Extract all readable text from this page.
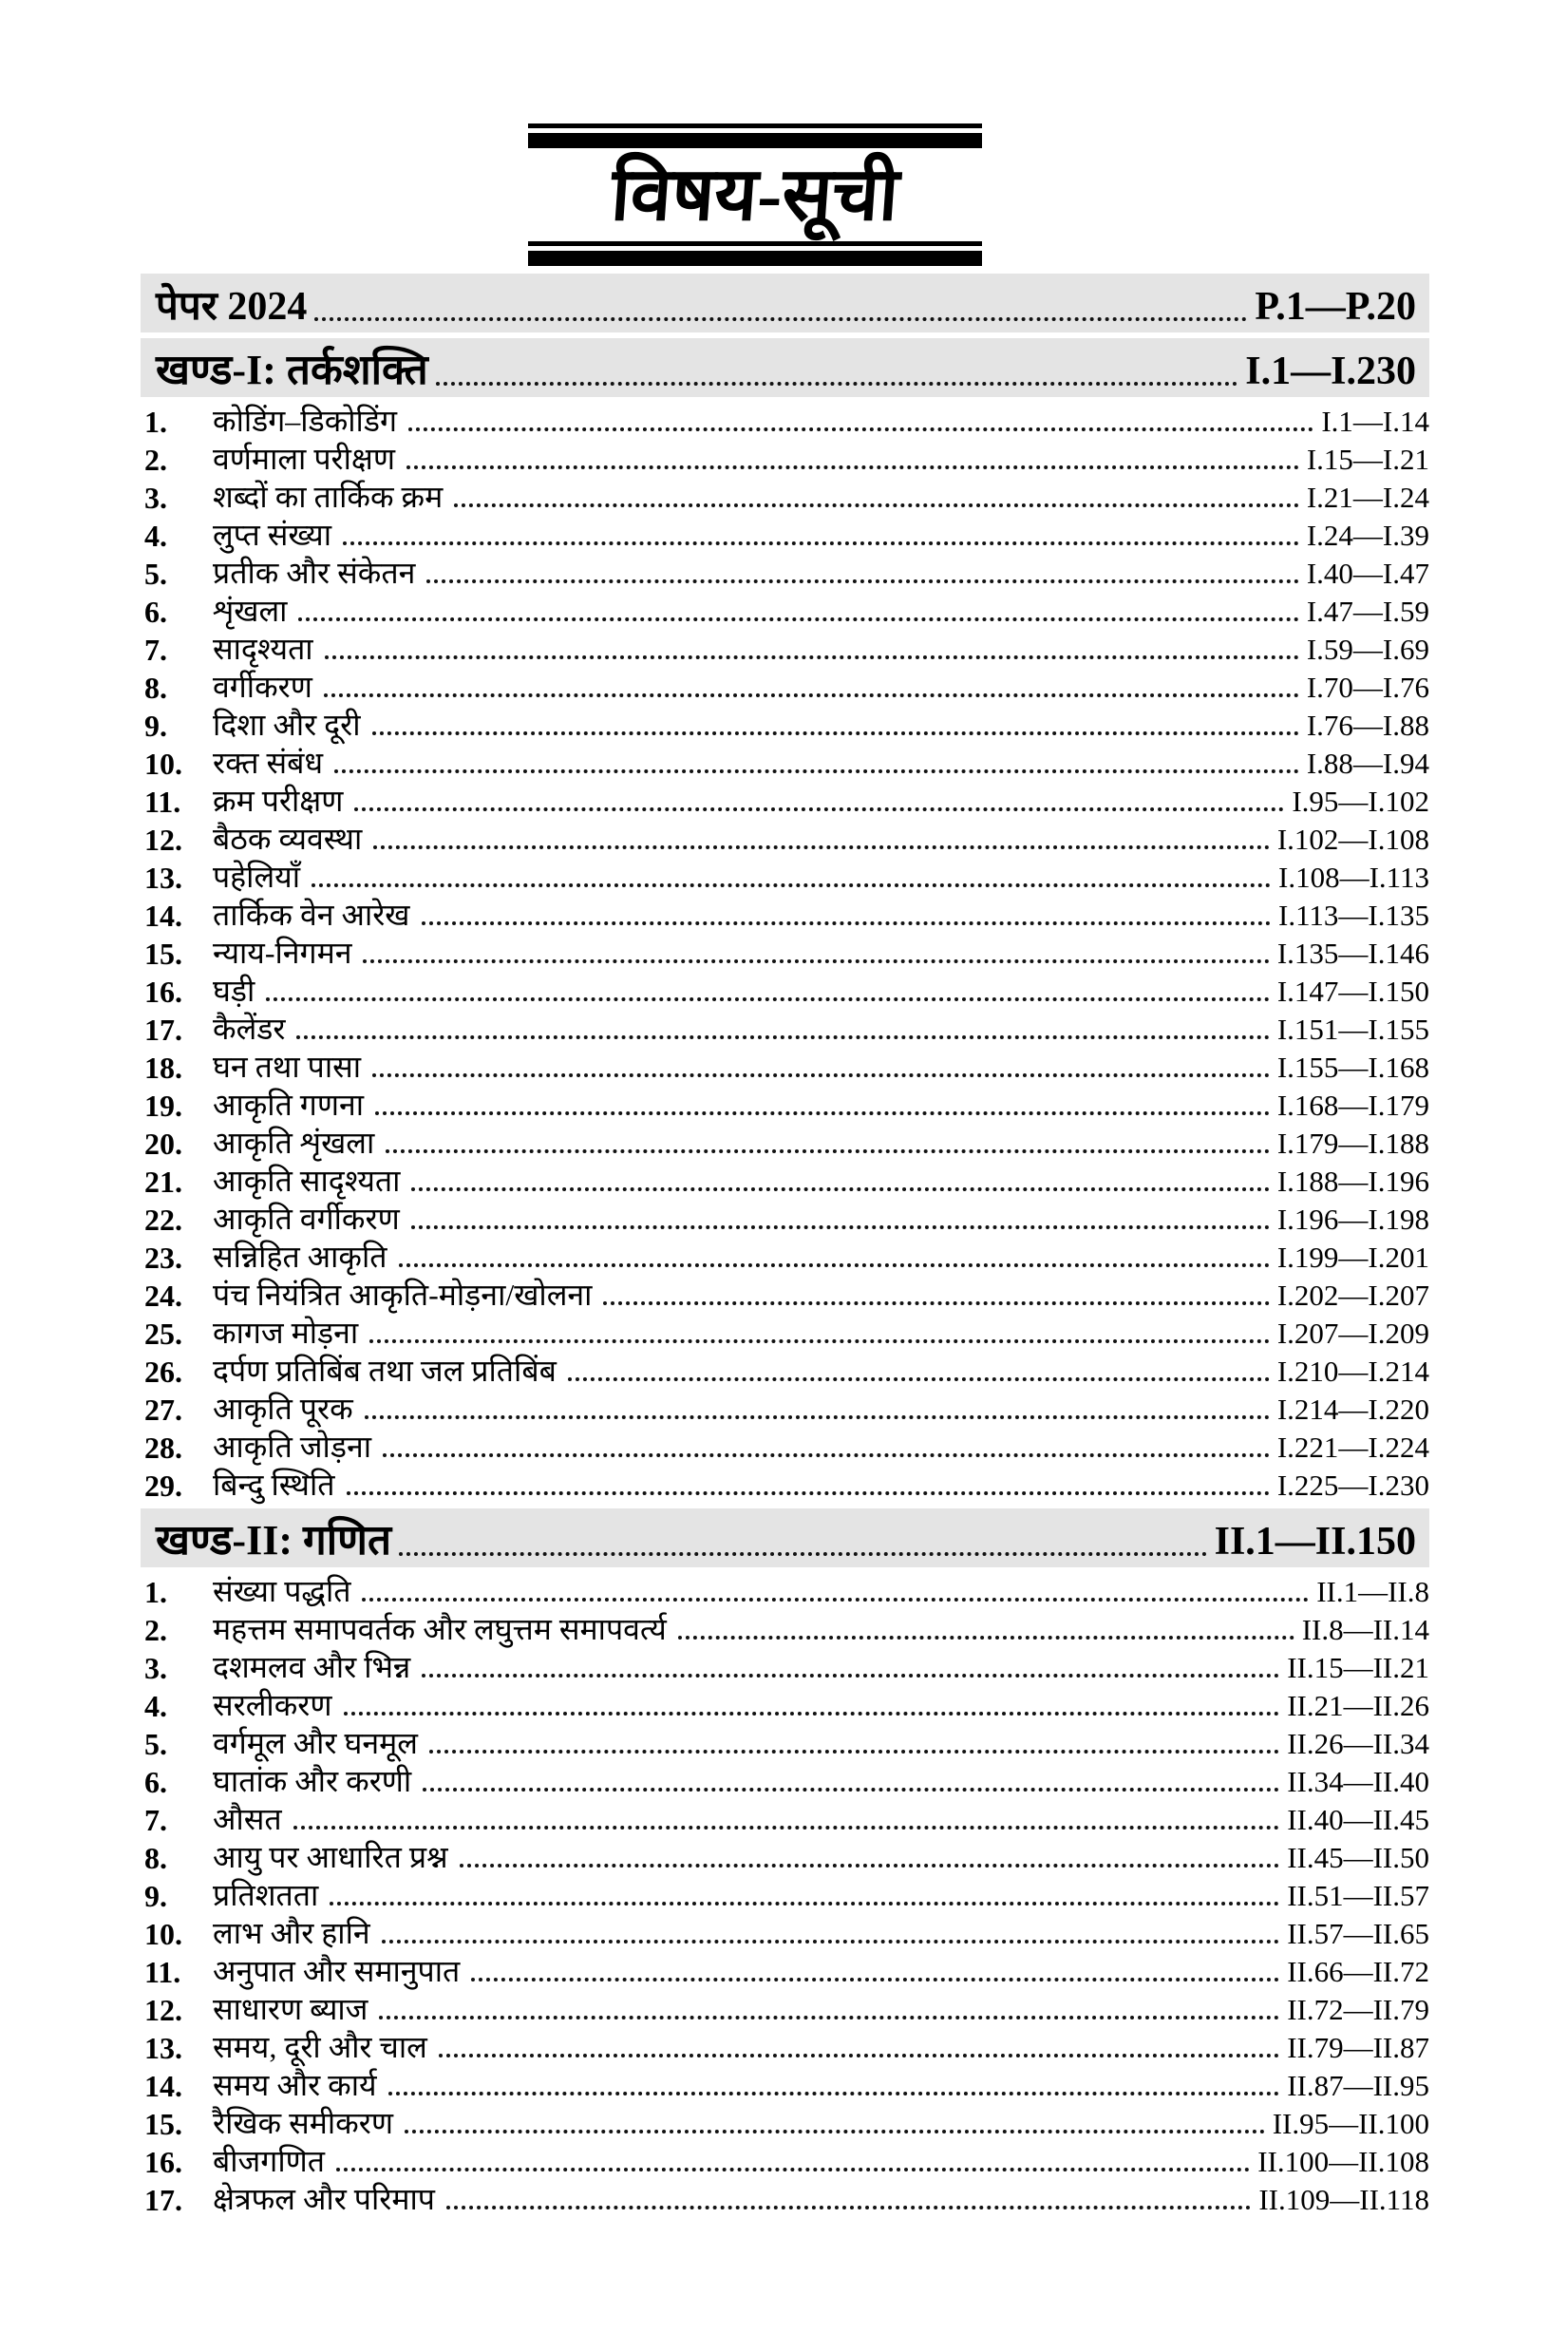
विषय-सूची
पेपर 2024	P.1—P.20
खण्ड-I: तर्कशक्ति	I.1—I.230
1.	कोडिंग–डिकोडिंग	I.1—I.14
2.	वर्णमाला परीक्षण	I.15—I.21
3.	शब्दों का तार्किक क्रम	I.21—I.24
4.	लुप्त संख्या	I.24—I.39
5.	प्रतीक और संकेतन	I.40—I.47
6.	शृंखला	I.47—I.59
7.	सादृश्यता	I.59—I.69
8.	वर्गीकरण	I.70—I.76
9.	दिशा और दूरी	I.76—I.88
10.	रक्त संबंध	I.88—I.94
11.	क्रम परीक्षण	I.95—I.102
12.	बैठक व्यवस्था	I.102—I.108
13.	पहेलियाँ	I.108—I.113
14.	तार्किक वेन आरेख	I.113—I.135
15.	न्याय-निगमन	I.135—I.146
16.	घड़ी	I.147—I.150
17.	कैलेंडर	I.151—I.155
18.	घन तथा पासा	I.155—I.168
19.	आकृति गणना	I.168—I.179
20.	आकृति शृंखला	I.179—I.188
21.	आकृति सादृश्यता	I.188—I.196
22.	आकृति वर्गीकरण	I.196—I.198
23.	सन्निहित आकृति	I.199—I.201
24.	पंच नियंत्रित आकृति-मोड़ना/खोलना	I.202—I.207
25.	कागज मोड़ना	I.207—I.209
26.	दर्पण प्रतिबिंब तथा जल प्रतिबिंब	I.210—I.214
27.	आकृति पूरक	I.214—I.220
28.	आकृति जोड़ना	I.221—I.224
29.	बिन्दु स्थिति	I.225—I.230
खण्ड-II: गणित	II.1—II.150
1.	संख्या पद्धति	II.1—II.8
2.	महत्तम समापवर्तक और लघुत्तम समापवर्त्य	II.8—II.14
3.	दशमलव और भिन्न	II.15—II.21
4.	सरलीकरण	II.21—II.26
5.	वर्गमूल और घनमूल	II.26—II.34
6.	घातांक और करणी	II.34—II.40
7.	औसत	II.40—II.45
8.	आयु पर आधारित प्रश्न	II.45—II.50
9.	प्रतिशतता	II.51—II.57
10.	लाभ और हानि	II.57—II.65
11.	अनुपात और समानुपात	II.66—II.72
12.	साधारण ब्याज	II.72—II.79
13.	समय, दूरी और चाल	II.79—II.87
14.	समय और कार्य	II.87—II.95
15.	रैखिक समीकरण	II.95—II.100
16.	बीजगणित	II.100—II.108
17.	क्षेत्रफल और परिमाप	II.109—II.118
